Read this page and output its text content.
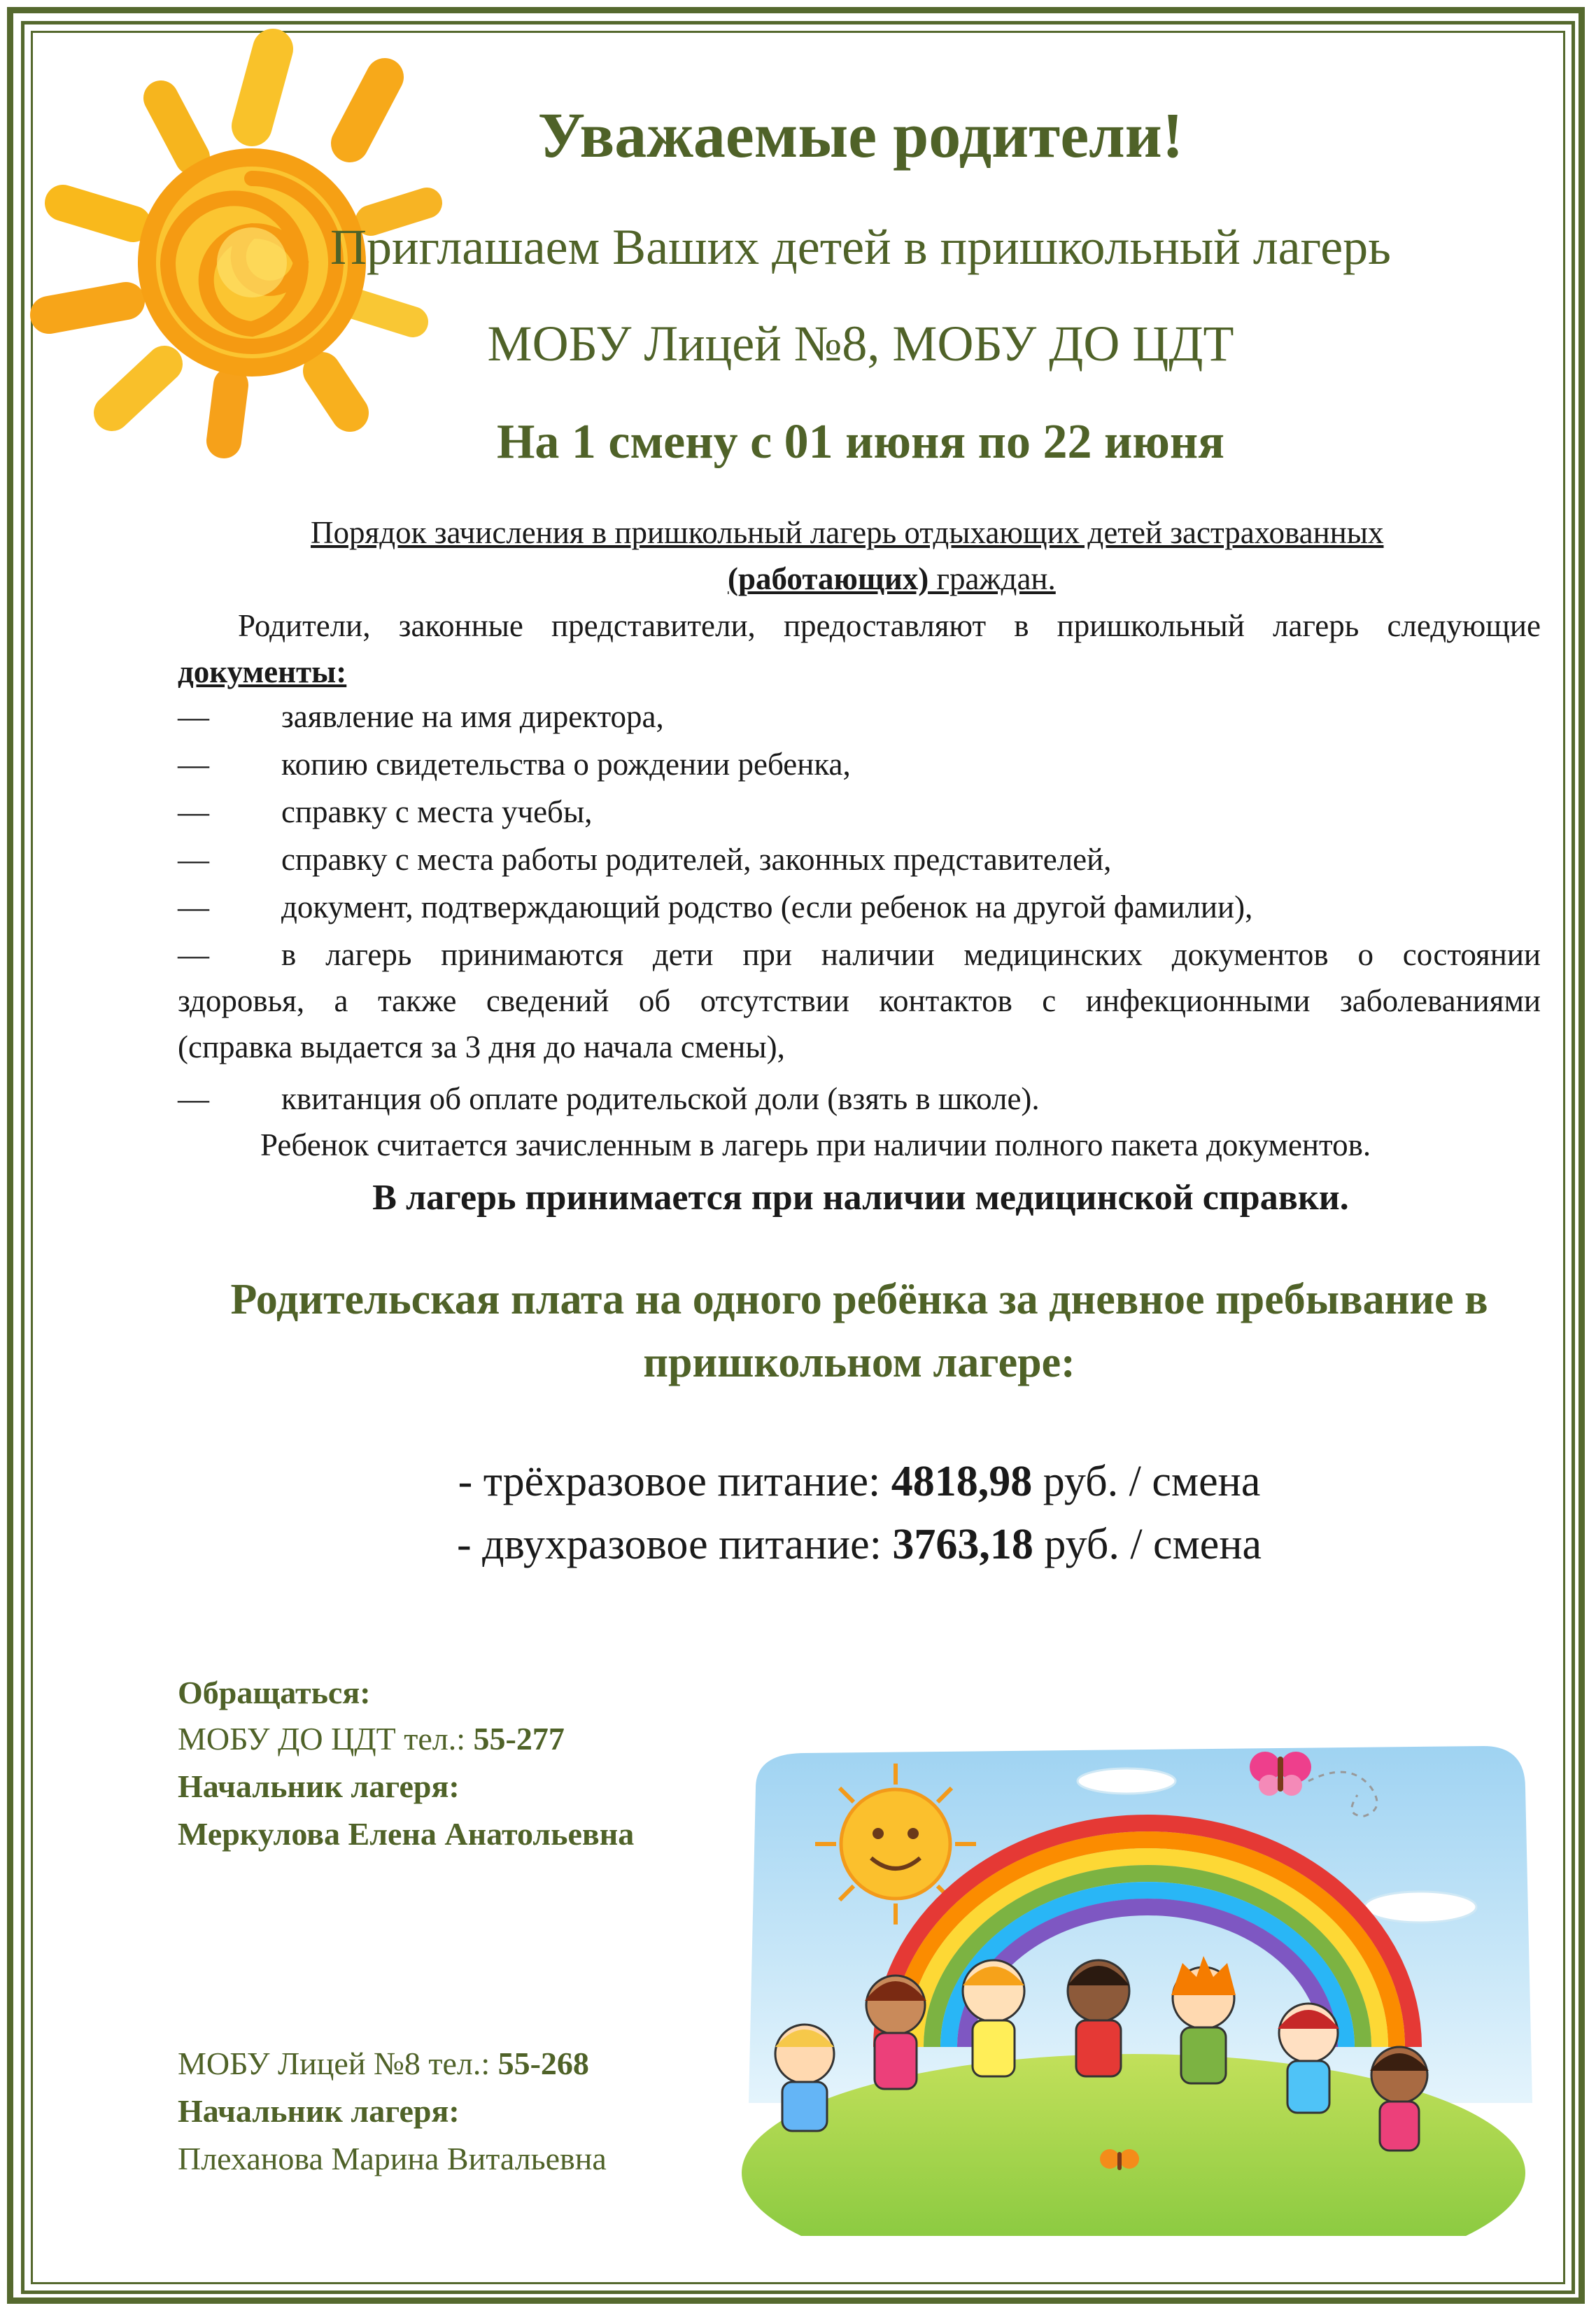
Уважаемые родители!
Приглашаем Ваших детей в пришкольный лагерь
МОБУ Лицей №8, МОБУ ДО ЦДТ
На 1 смену с 01 июня по 22 июня
Порядок зачисления в пришкольный лагерь отдыхающих детей застрахованных
(работающих) граждан.
Родители, законные представители, предоставляют в пришкольный лагерь следующие
документы:
— заявление на имя директора,
— копию свидетельства о рождении ребенка,
— справку с места учебы,
— справку с места работы родителей, законных представителей,
— документ, подтверждающий родство (если ребенок на другой фамилии),
— в лагерь принимаются дети при наличии медицинских документов о состоянии
здоровья, а также сведений об отсутствии контактов с инфекционными заболеваниями
(справка выдается за 3 дня до начала смены),
— квитанция об оплате родительской доли (взять в школе).
Ребенок считается зачисленным в лагерь при наличии полного пакета документов.
В лагерь принимается при наличии медицинской справки.
Родительская плата на одного ребёнка за дневное пребывание в пришкольном лагере:
- трёхразовое питание: 4818,98 руб. / смена
- двухразовое питание: 3763,18 руб. / смена
Обращаться:
МОБУ ДО ЦДТ тел.: 55-277
Начальник лагеря:
Меркулова Елена Анатольевна
МОБУ Лицей №8 тел.: 55-268
Начальник лагеря:
Плеханова Марина Витальевна
